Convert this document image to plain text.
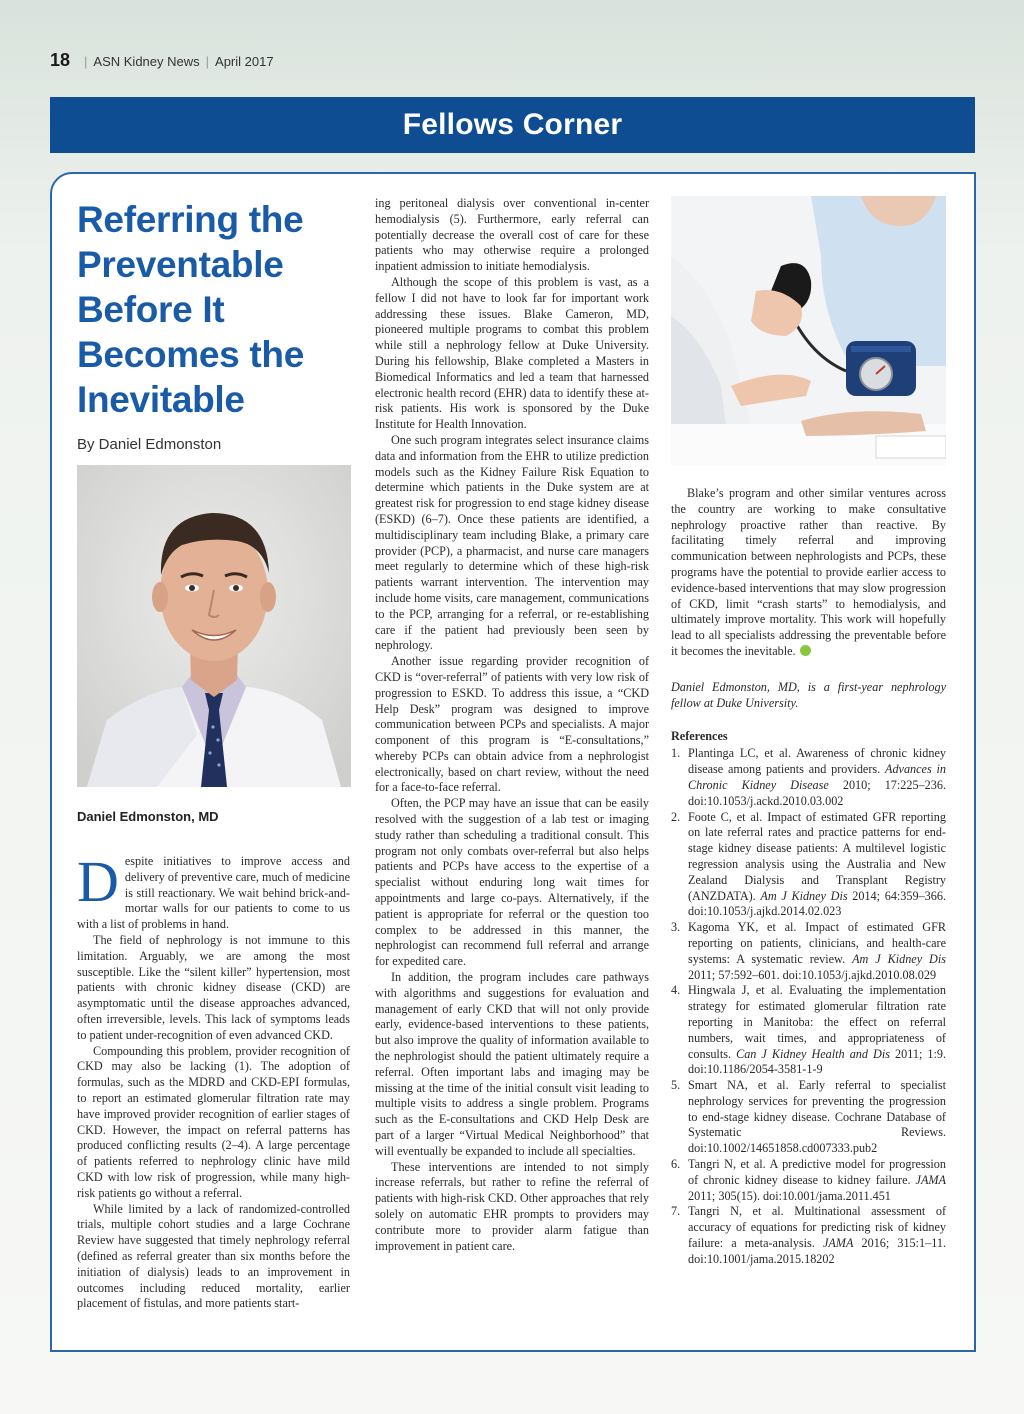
18 | ASN Kidney News | April 2017
Fellows Corner
Referring the
Preventable
Before It
Becomes the
Inevitable
By Daniel Edmonston
Daniel Edmonston, MD

Despite initiatives to improve access and delivery of preventive care, much of medicine is still reactionary. We wait behind brick-and-mortar walls for our patients to come to us with a list of problems in hand.

The field of nephrology is not immune to this limitation. Arguably, we are among the most susceptible. Like the “silent killer” hypertension, most patients with chronic kidney disease (CKD) are asymptomatic until the disease approaches advanced, often irreversible, levels. This lack of symptoms leads to patient under-recognition of even advanced CKD.

Compounding this problem, provider recognition of CKD may also be lacking (1). The adoption of formulas, such as the MDRD and CKD-EPI formulas, to report an estimated glomerular filtration rate may have improved provider recognition of earlier stages of CKD. However, the impact on referral patterns has produced conflicting results (2–4). A large percentage of patients referred to nephrology clinic have mild CKD with low risk of progression, while many high-risk patients go without a referral.

While limited by a lack of randomized-controlled trials, multiple cohort studies and a large Cochrane Review have suggested that timely nephrology referral (defined as referral greater than six months before the initiation of dialysis) leads to an improvement in outcomes including reduced mortality, earlier placement of fistulas, and more patients start-

ing peritoneal dialysis over conventional in-center hemodialysis (5). Furthermore, early referral can potentially decrease the overall cost of care for these patients who may otherwise require a prolonged inpatient admission to initiate hemodialysis.

Although the scope of this problem is vast, as a fellow I did not have to look far for important work addressing these issues. Blake Cameron, MD, pioneered multiple programs to combat this problem while still a nephrology fellow at Duke University. During his fellowship, Blake completed a Masters in Biomedical Informatics and led a team that harnessed electronic health record (EHR) data to identify these at-risk patients. His work is sponsored by the Duke Institute for Health Innovation.

One such program integrates select insurance claims data and information from the EHR to utilize prediction models such as the Kidney Failure Risk Equation to determine which patients in the Duke system are at greatest risk for progression to end stage kidney disease (ESKD) (6–7). Once these patients are identified, a multidisciplinary team including Blake, a primary care provider (PCP), a pharmacist, and nurse care managers meet regularly to determine which of these high-risk patients warrant intervention. The intervention may include home visits, care management, communications to the PCP, arranging for a referral, or re-establishing care if the patient had previously been seen by nephrology.

Another issue regarding provider recognition of CKD is “over-referral” of patients with very low risk of progression to ESKD. To address this issue, a “CKD Help Desk” program was designed to improve communication between PCPs and specialists. A major component of this program is “E-consultations,” whereby PCPs can obtain advice from a nephrologist electronically, based on chart review, without the need for a face-to-face referral.

Often, the PCP may have an issue that can be easily resolved with the suggestion of a lab test or imaging study rather than scheduling a traditional consult. This program not only combats over-referral but also helps patients and PCPs have access to the expertise of a specialist without enduring long wait times for appointments and large co-pays. Alternatively, if the patient is appropriate for referral or the question too complex to be addressed in this manner, the nephrologist can recommend full referral and arrange for expedited care.

In addition, the program includes care pathways with algorithms and suggestions for evaluation and management of early CKD that will not only provide early, evidence-based interventions to these patients, but also improve the quality of information available to the nephrologist should the patient ultimately require a referral. Often important labs and imaging may be missing at the time of the initial consult visit leading to multiple visits to address a single problem. Programs such as the E-consultations and CKD Help Desk are part of a larger “Virtual Medical Neighborhood” that will eventually be expanded to include all specialties.

These interventions are intended to not simply increase referrals, but rather to refine the referral of patients with high-risk CKD. Other approaches that rely solely on automatic EHR prompts to providers may contribute more to provider alarm fatigue than improvement in patient care.

Blake’s program and other similar ventures across the country are working to make consultative nephrology proactive rather than reactive. By facilitating timely referral and improving communication between nephrologists and PCPs, these programs have the potential to provide earlier access to evidence-based interventions that may slow progression of CKD, limit “crash starts” to hemodialysis, and ultimately improve mortality. This work will hopefully lead to all specialists addressing the preventable before it becomes the inevitable.

Daniel Edmonston, MD, is a first-year nephrology fellow at Duke University.
References
1. Plantinga LC, et al. Awareness of chronic kidney disease among patients and providers. Advances in Chronic Kidney Disease 2010; 17:225–236. doi:10.1053/j.ackd.2010.03.002
2. Foote C, et al. Impact of estimated GFR reporting on late referral rates and practice patterns for end-stage kidney disease patients: A multilevel logistic regression analysis using the Australia and New Zealand Dialysis and Transplant Registry (ANZDATA). Am J Kidney Dis 2014; 64:359–366. doi:10.1053/j.ajkd.2014.02.023
3. Kagoma YK, et al. Impact of estimated GFR reporting on patients, clinicians, and health-care systems: A systematic review. Am J Kidney Dis 2011; 57:592–601. doi:10.1053/j.ajkd.2010.08.029
4. Hingwala J, et al. Evaluating the implementation strategy for estimated glomerular filtration rate reporting in Manitoba: the effect on referral numbers, wait times, and appropriateness of consults. Can J Kidney Health and Dis 2011; 1:9. doi:10.1186/2054-3581-1-9
5. Smart NA, et al. Early referral to specialist nephrology services for preventing the progression to end-stage kidney disease. Cochrane Database of Systematic Reviews. doi:10.1002/14651858.cd007333.pub2
6. Tangri N, et al. A predictive model for progression of chronic kidney disease to kidney failure. JAMA 2011; 305(15). doi:10.001/jama.2011.451
7. Tangri N, et al. Multinational assessment of accuracy of equations for predicting risk of kidney failure: a meta-analysis. JAMA 2016; 315:1–11. doi:10.1001/jama.2015.18202
